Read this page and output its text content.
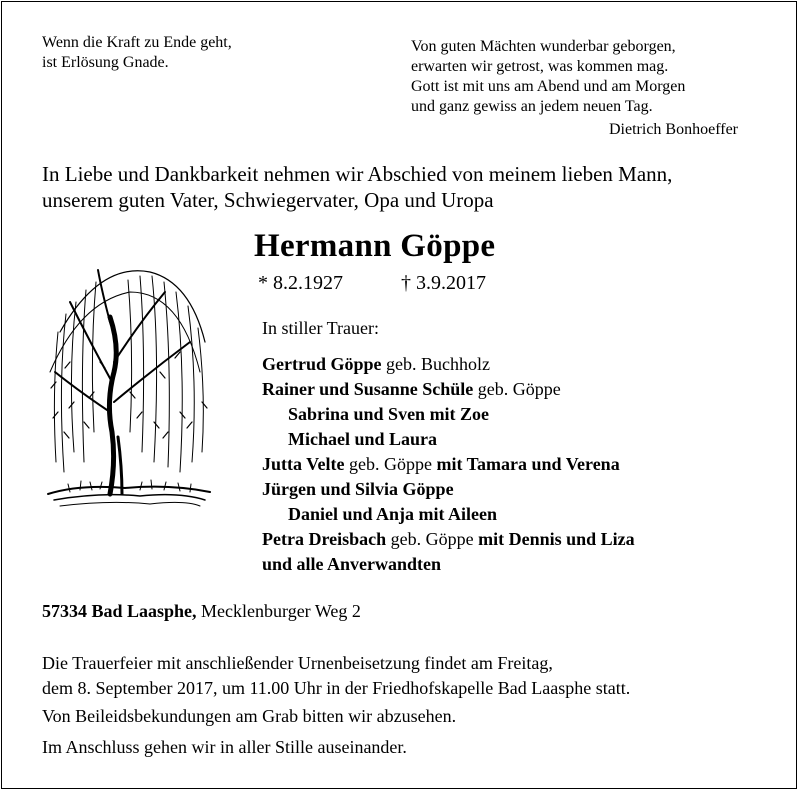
Wenn die Kraft zu Ende geht,
ist Erlösung Gnade.
Von guten Mächten wunderbar geborgen,
erwarten wir getrost, was kommen mag.
Gott ist mit uns am Abend und am Morgen
und ganz gewiss an jedem neuen Tag.
Dietrich Bonhoeffer
In Liebe und Dankbarkeit nehmen wir Abschied von meinem lieben Mann,
unserem guten Vater, Schwiegervater, Opa und Uropa
Hermann Göppe
* 8.2.1927	† 3.9.2017
In stiller Trauer:
Gertrud Göppe geb. Buchholz
Rainer und Susanne Schüle geb. Göppe
Sabrina und Sven mit Zoe
Michael und Laura
Jutta Velte geb. Göppe mit Tamara und Verena
Jürgen und Silvia Göppe
Daniel und Anja mit Aileen
Petra Dreisbach geb. Göppe mit Dennis und Liza
und alle Anverwandten
57334 Bad Laasphe, Mecklenburger Weg 2
Die Trauerfeier mit anschließender Urnenbeisetzung findet am Freitag,
dem 8. September 2017, um 11.00 Uhr in der Friedhofskapelle Bad Laasphe statt.
Von Beileidsbekundungen am Grab bitten wir abzusehen.
Im Anschluss gehen wir in aller Stille auseinander.
